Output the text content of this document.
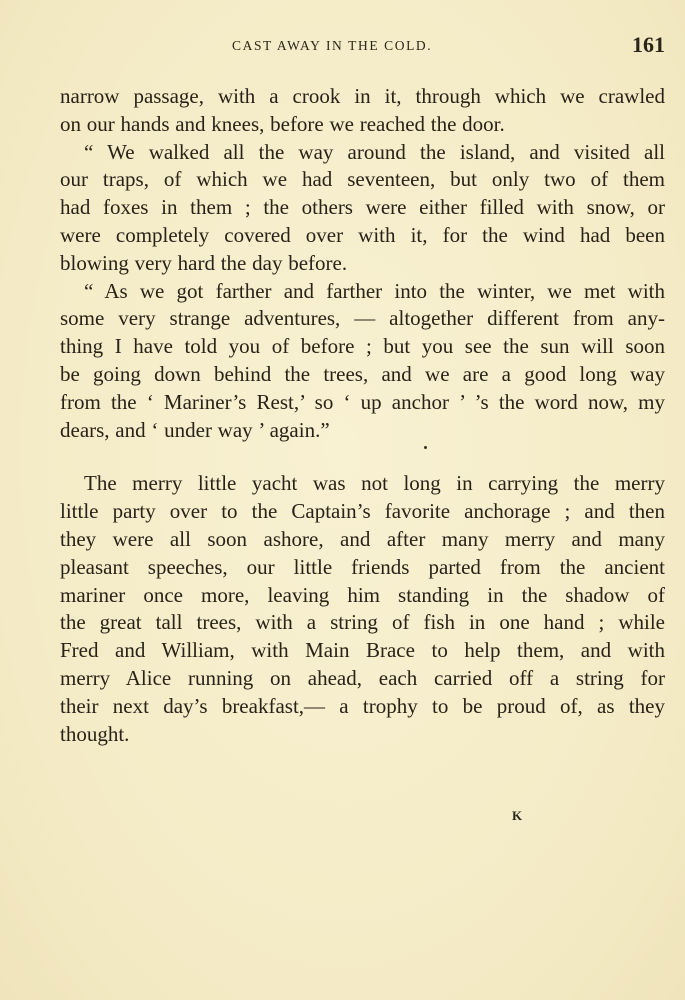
CAST AWAY IN THE COLD.	161
narrow passage, with a crook in it, through which we crawled
on our hands and knees, before we reached the door.
“ We walked all the way around the island, and visited all
our traps, of which we had seventeen, but only two of them
had foxes in them ; the others were either filled with snow, or
were completely covered over with it, for the wind had been
blowing very hard the day before.
“ As we got farther and farther into the winter, we met with
some very strange adventures, — altogether different from any-
thing I have told you of before ; but you see the sun will soon
be going down behind the trees, and we are a good long way
from the ‘ Mariner’s Rest,’ so ‘ up anchor ’ ’s the word now, my
dears, and ‘ under way ’ again.”
The merry little yacht was not long in carrying the merry
little party over to the Captain’s favorite anchorage ; and then
they were all soon ashore, and after many merry and many
pleasant speeches, our little friends parted from the ancient
mariner once more, leaving him standing in the shadow of
the great tall trees, with a string of fish in one hand ; while
Fred and William, with Main Brace to help them, and with
merry Alice running on ahead, each carried off a string for
their next day’s breakfast,— a trophy to be proud of, as they
thought.
K
